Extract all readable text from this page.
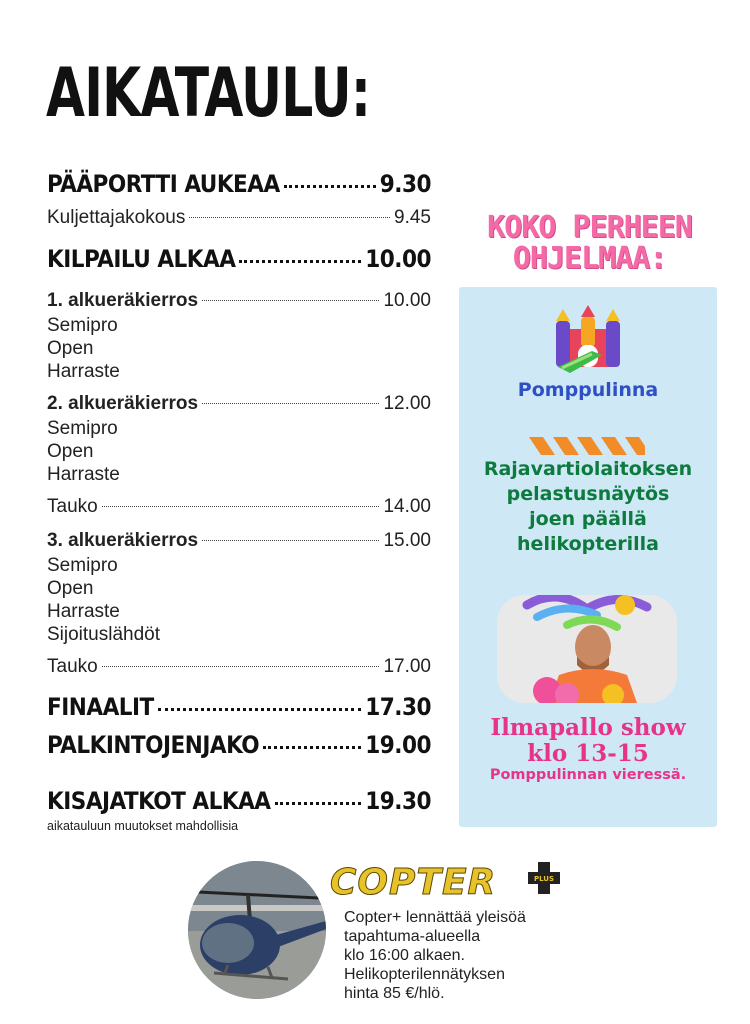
AIKATAULU:
PÄÄPORTTI AUKEAA	9.30
Kuljettajakokous	9.45
KILPAILU ALKAA	10.00
1. alkueräkierros	10.00
Semipro
Open
Harraste
2. alkueräkierros	12.00
Semipro
Open
Harraste
Tauko	14.00
3. alkueräkierros	15.00
Semipro
Open
Harraste
Sijoituslähdöt
Tauko	17.00
FINAALIT	17.30
PALKINTOJENJAKO	19.00
KISAJATKOT ALKAA	19.30
aikatauluun muutokset mahdollisia
KOKO PERHEEN
OHJELMAA:
Pomppulinna
Rajavartiolaitoksen
pelastusnäytös
joen päällä
helikopterilla
Ilmapallo show
klo 13-15
Pomppulinnan vieressä.
COPTER	PLUS
Copter+ lennättää yleisöä
tapahtuma-alueella
klo 16:00 alkaen.
Helikopterilennätyksen
hinta 85 €/hlö.
